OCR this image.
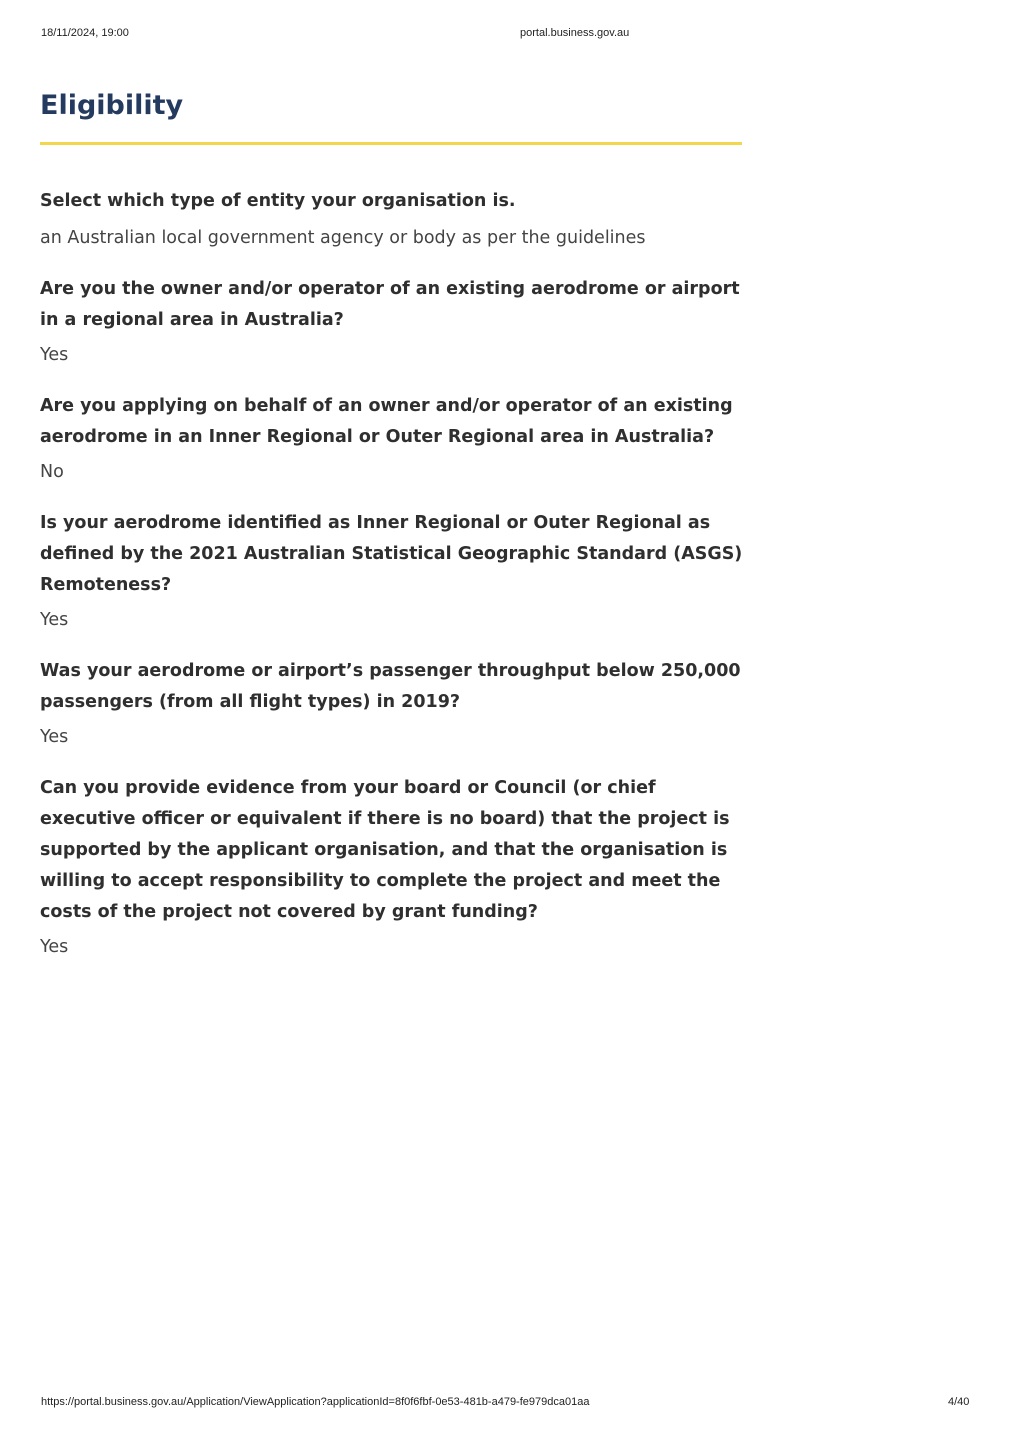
18/11/2024, 19:00	portal.business.gov.au
Eligibility

Select which type of entity your organisation is.

an Australian local government agency or body as per the guidelines

Are you the owner and/or operator of an existing aerodrome or airport in a regional area in Australia?

Yes

Are you applying on behalf of an owner and/or operator of an existing aerodrome in an Inner Regional or Outer Regional area in Australia?

No

Is your aerodrome identified as Inner Regional or Outer Regional as defined by the 2021 Australian Statistical Geographic Standard (ASGS) Remoteness?

Yes

Was your aerodrome or airport’s passenger throughput below 250,000 passengers (from all flight types) in 2019?

Yes

Can you provide evidence from your board or Council (or chief executive officer or equivalent if there is no board) that the project is supported by the applicant organisation, and that the organisation is willing to accept responsibility to complete the project and meet the costs of the project not covered by grant funding?

Yes

https://portal.business.gov.au/Application/ViewApplication?applicationId=8f0f6fbf-0e53-481b-a479-fe979dca01aa	4/40
